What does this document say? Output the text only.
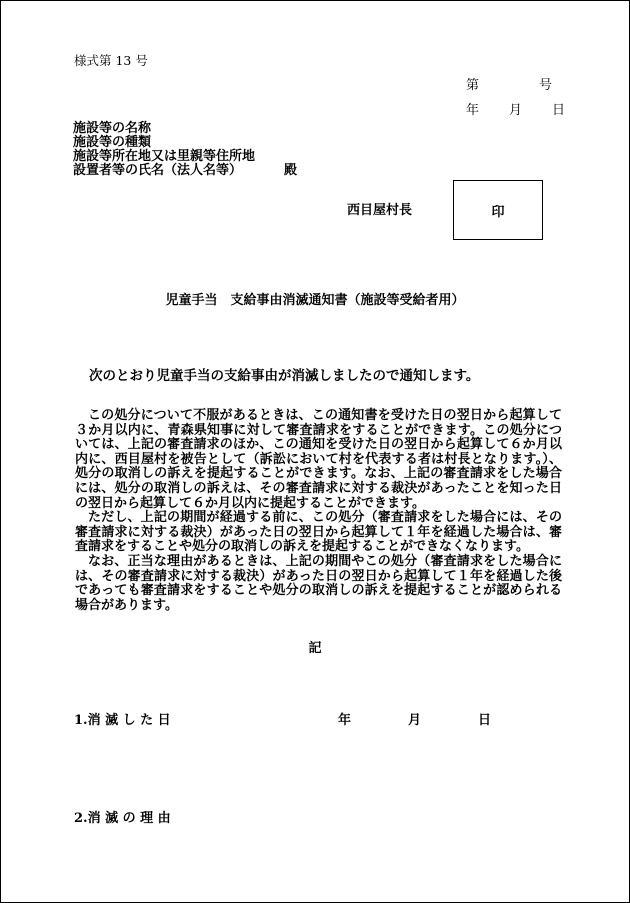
様式第 13 号
第	号
年 月 日
施設等の名称
施設等の種類
施設等所在地又は里親等住所地
設置者等の氏名（法人名等）	殿
西目屋村長	印
児童手当　支給事由消滅通知書（施設等受給者用）
次のとおり児童手当の支給事由が消滅しましたので通知します。

この処分について不服があるときは、この通知書を受けた日の翌日から起算して３か月以内に、青森県知事に対して審査請求をすることができます。この処分については、上記の審査請求のほか、この通知を受けた日の翌日から起算して６か月以内に、西目屋村を被告として（訴訟において村を代表する者は村長となります。）、処分の取消しの訴えを提起することができます。なお、上記の審査請求をした場合には、処分の取消しの訴えは、その審査請求に対する裁決があったことを知った日の翌日から起算して６か月以内に提起することができます。

ただし、上記の期間が経過する前に、この処分（審査請求をした場合には、その審査請求に対する裁決）があった日の翌日から起算して１年を経過した場合は、審査請求をすることや処分の取消しの訴えを提起することができなくなります。

なお、正当な理由があるときは、上記の期間やこの処分（審査請求をした場合には、その審査請求に対する裁決）があった日の翌日から起算して１年を経過した後であっても審査請求をすることや処分の取消しの訴えを提起することが認められる場合があります。

記
1.消 滅 し た 日	年	月	日
2.消 滅 の 理 由
